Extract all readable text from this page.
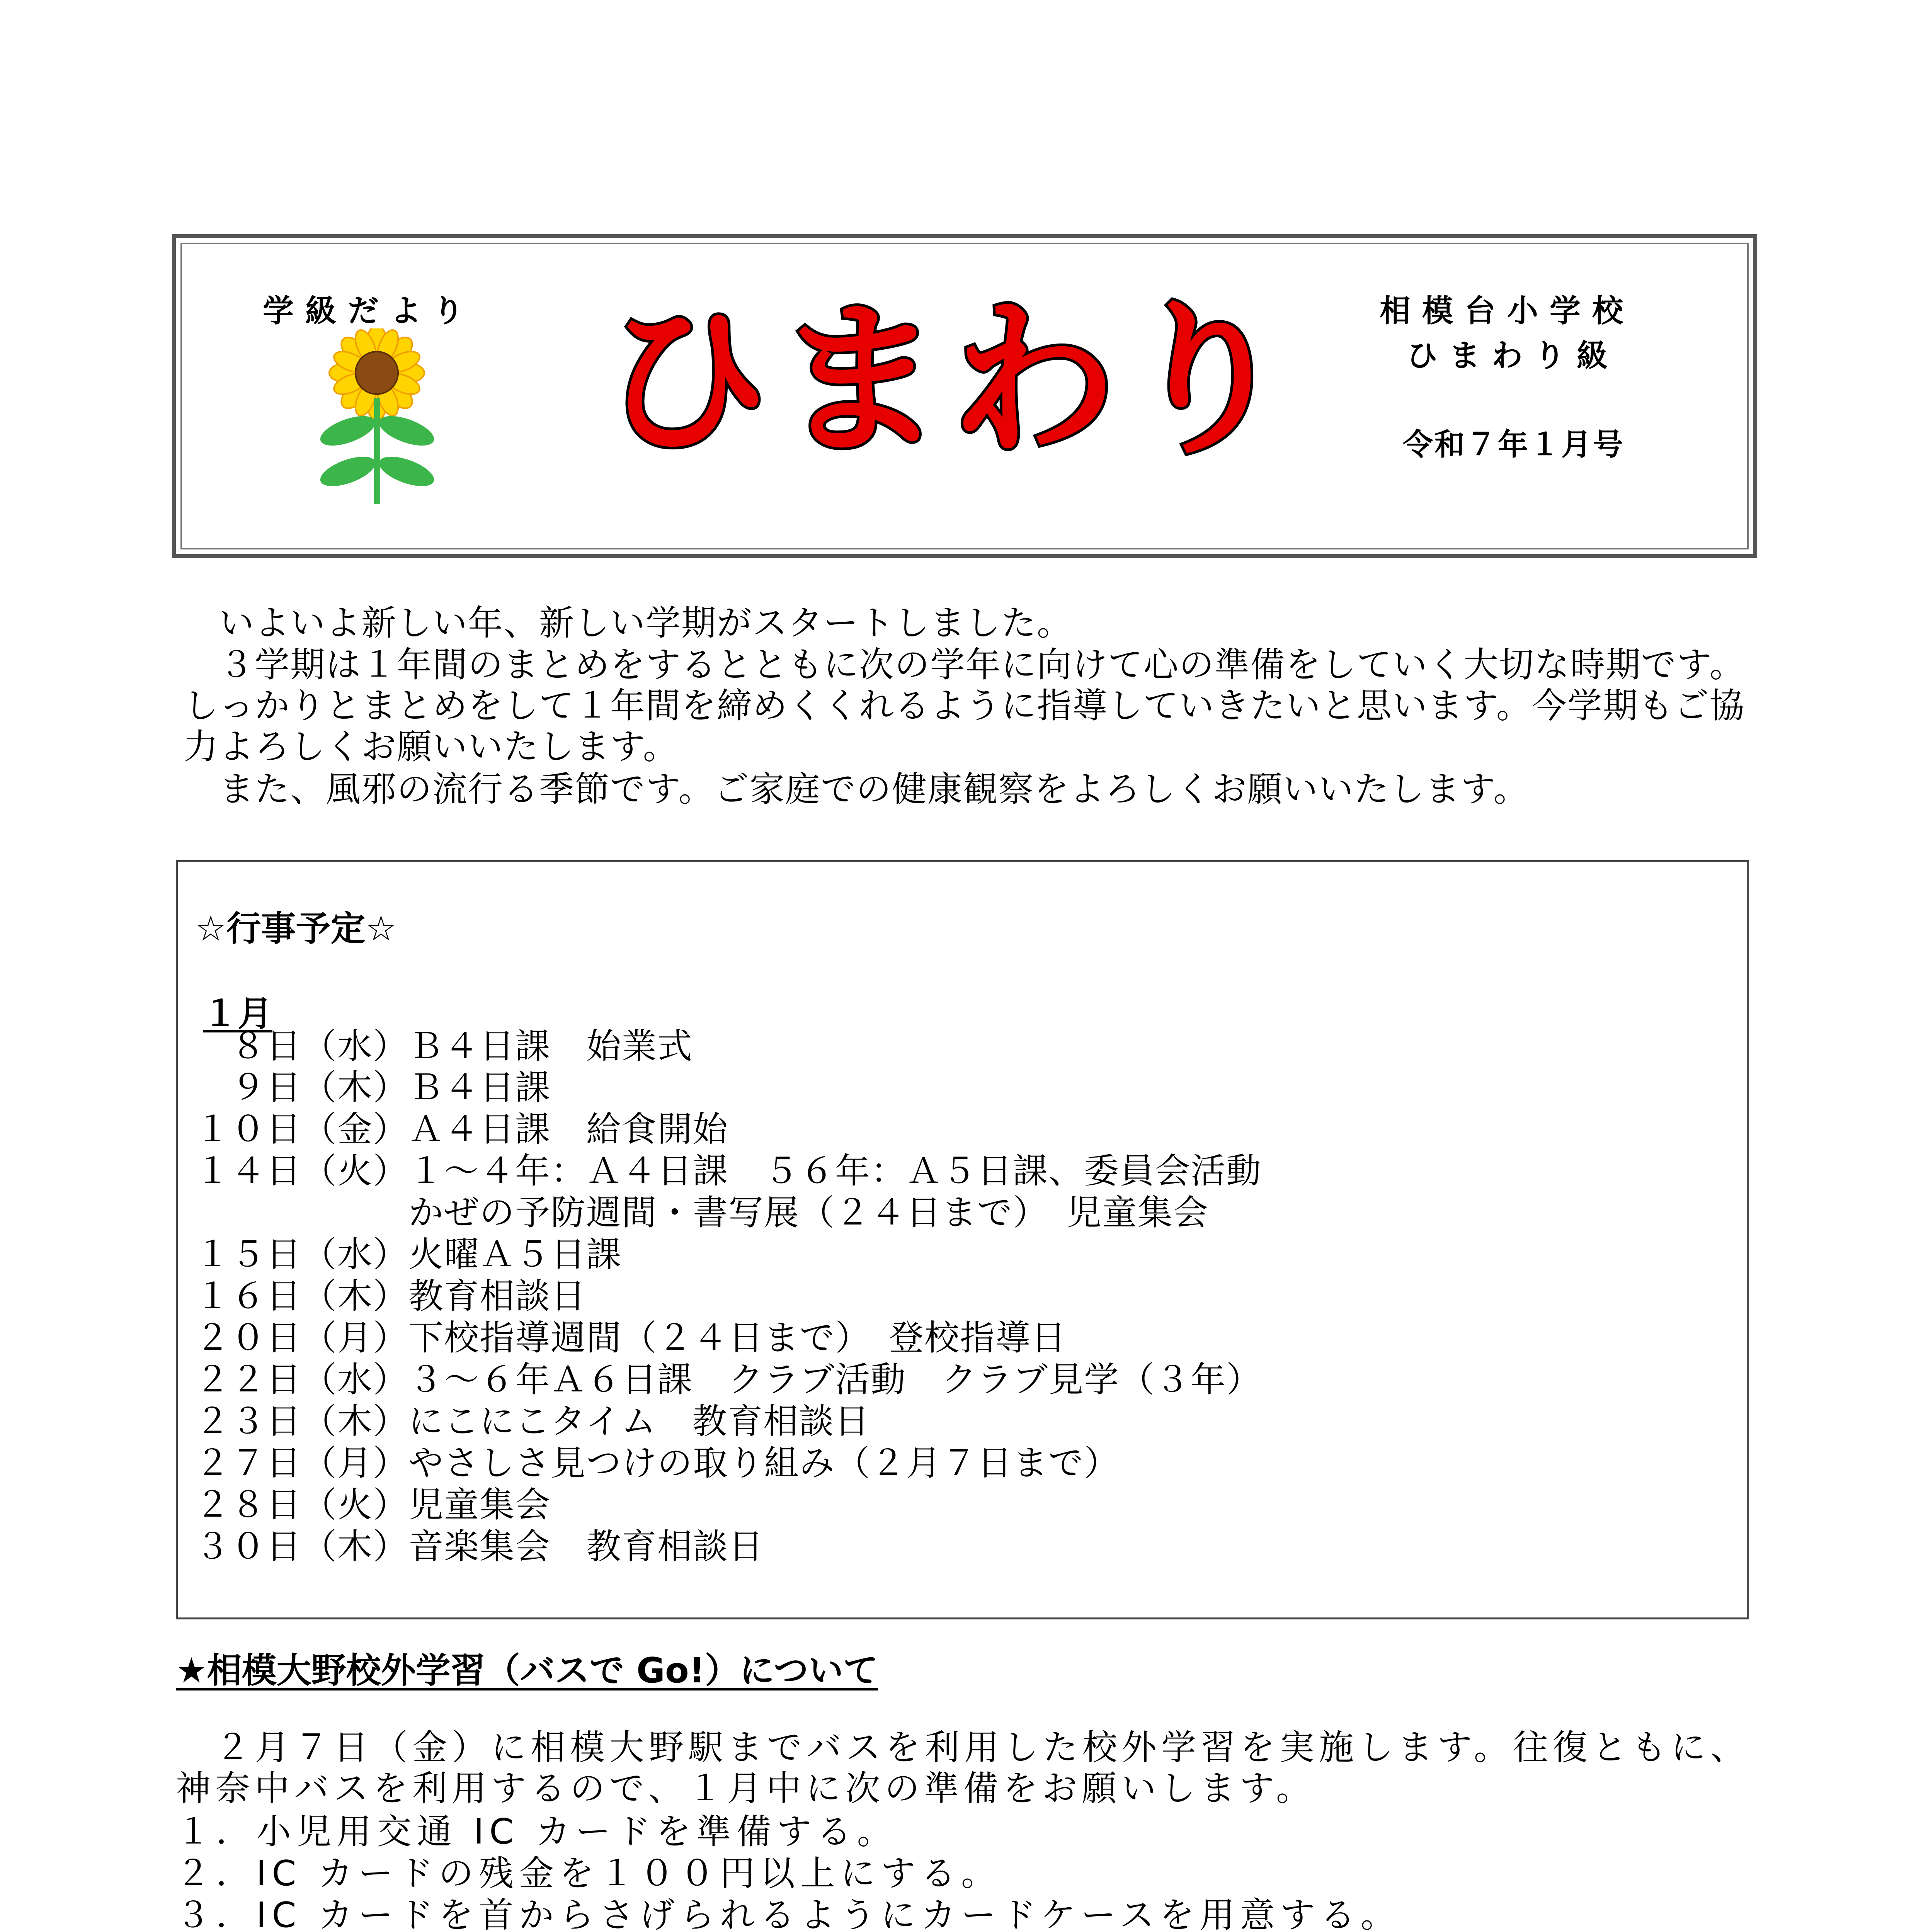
学級だより ひまわり	相模台小学校
ひまわり級
令和７年１月号
　いよいよ新しい年、新しい学期がスタートしました。
　３学期は１年間のまとめをするとともに次の学年に向けて心の準備をしていく大切な時期です。しっかりとまとめをして１年間を締めくくれるように指導していきたいと思います。今学期もご協力よろしくお願いいたします。
　また、風邪の流行る季節です。ご家庭での健康観察をよろしくお願いいたします。
☆行事予定☆
１月
　８日（水）Ｂ４日課　始業式
　９日（木）Ｂ４日課
１０日（金）Ａ４日課　給食開始
１４日（火）１～４年：Ａ４日課　５６年：Ａ５日課、委員会活動
　　　　　　かぜの予防週間・書写展（２４日まで）　児童集会
１５日（水）火曜Ａ５日課
１６日（木）教育相談日
２０日（月）下校指導週間（２４日まで）　登校指導日
２２日（水）３～６年Ａ６日課　クラブ活動　クラブ見学（３年）
２３日（木）にこにこタイム　教育相談日
２７日（月）やさしさ見つけの取り組み（２月７日まで）
２８日（火）児童集会
３０日（木）音楽集会　教育相談日
★相模大野校外学習（バスで Go!）について
　２月７日（金）に相模大野駅までバスを利用した校外学習を実施します。往復ともに、神奈中バスを利用するので、１月中に次の準備をお願いします。
１．小児用交通 IC カードを準備する。
２．IC カードの残金を１００円以上にする。
３．IC カードを首からさげられるようにカードケースを用意する。
